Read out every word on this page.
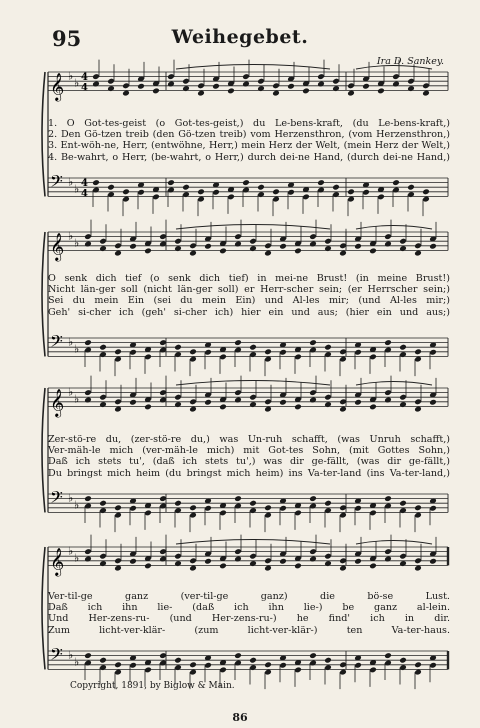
95	Weihegebet.
Ira D. Sankey.
𝄞 ♭
♭ 4
4
𝄢 ♭
♭ 4
4
1. O Got-tes-geist (o Got-tes-geist,) du Le-bens-kraft, (du Le-bens-kraft,)
2. Den Gö-tzen treib (den Gö-tzen treib) vom Herzensthron, (vom Herzensthron,)
3. Ent-wöh-ne, Herr, (entwöhne, Herr,) mein Herz der Welt, (mein Herz der Welt,)
4. Be-wahrt, o Herr, (be-wahrt, o Herr,) durch dei-ne Hand, (durch dei-ne Hand,)
𝄞 ♭
♭
𝄢 ♭
♭
O senk dich tief (o senk dich tief) in mei-ne Brust! (in meine Brust!)
Nicht län-ger soll (nicht län-ger soll) er Herr-scher sein; (er Herrscher sein;)
Sei du mein Ein (sei du mein Ein) und Al-les mir; (und Al-les mir;)
Geh' si-cher ich (geh' si-cher ich) hier ein und aus; (hier ein und aus;)
𝄞 ♭
♭
𝄢 ♭
♭
Zer-stö-re du, (zer-stö-re du,) was Un-ruh schafft, (was Unruh schafft,)
Ver-mäh-le mich (ver-mäh-le mich) mit Got-tes Sohn, (mit Gottes Sohn,)
Daß ich stets tu', (daß ich stets tu',) was dir ge-fällt, (was dir ge-fällt,)
Du bringst mich heim (du bringst mich heim) ins Va-ter-land (ins Va-ter-land,)
𝄞 ♭
♭
𝄢 ♭
♭
Ver-til-ge ganz (ver-til-ge ganz) die bö-se Lust.
Daß ich ihn lie- (daß ich ihn lie-) be ganz al-lein.
Und Her-zens-ru- (und Her-zens-ru-) he find' ich in dir.
Zum licht-ver-klär- (zum licht-ver-klär-) ten Va-ter-haus.
Copyright, 1891, by Biglow & Main.
86
